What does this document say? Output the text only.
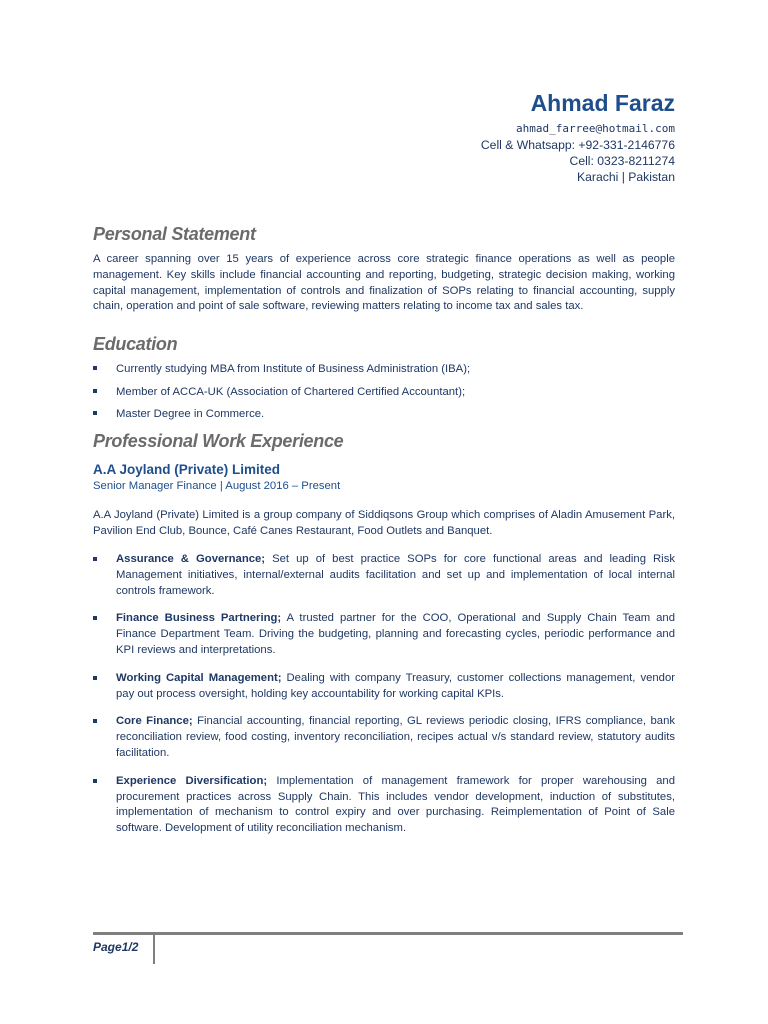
Ahmad Faraz
ahmad_farree@hotmail.com
Cell & Whatsapp: +92-331-2146776
Cell: 0323-8211274
Karachi | Pakistan
Personal Statement
A career spanning over 15 years of experience across core strategic finance operations as well as people management. Key skills include financial accounting and reporting, budgeting, strategic decision making, working capital management, implementation of controls and finalization of SOPs relating to financial accounting, supply chain, operation and point of sale software, reviewing matters relating to income tax and sales tax.
Education
Currently studying MBA from Institute of Business Administration (IBA);
Member of ACCA-UK (Association of Chartered Certified Accountant);
Master Degree in Commerce.
Professional Work Experience
A.A Joyland (Private) Limited
Senior Manager Finance | August 2016 – Present
A.A Joyland (Private) Limited is a group company of Siddiqsons Group which comprises of Aladin Amusement Park, Pavilion End Club, Bounce, Café Canes Restaurant, Food Outlets and Banquet.
Assurance & Governance; Set up of best practice SOPs for core functional areas and leading Risk Management initiatives, internal/external audits facilitation and set up and implementation of local internal controls framework.
Finance Business Partnering; A trusted partner for the COO, Operational and Supply Chain Team and Finance Department Team. Driving the budgeting, planning and forecasting cycles, periodic performance and KPI reviews and interpretations.
Working Capital Management; Dealing with company Treasury, customer collections management, vendor pay out process oversight, holding key accountability for working capital KPIs.
Core Finance; Financial accounting, financial reporting, GL reviews periodic closing, IFRS compliance, bank reconciliation review, food costing, inventory reconciliation, recipes actual v/s standard review, statutory audits facilitation.
Experience Diversification; Implementation of management framework for proper warehousing and procurement practices across Supply Chain. This includes vendor development, induction of substitutes, implementation of mechanism to control expiry and over purchasing. Reimplementation of Point of Sale software. Development of utility reconciliation mechanism.
Page1/2
